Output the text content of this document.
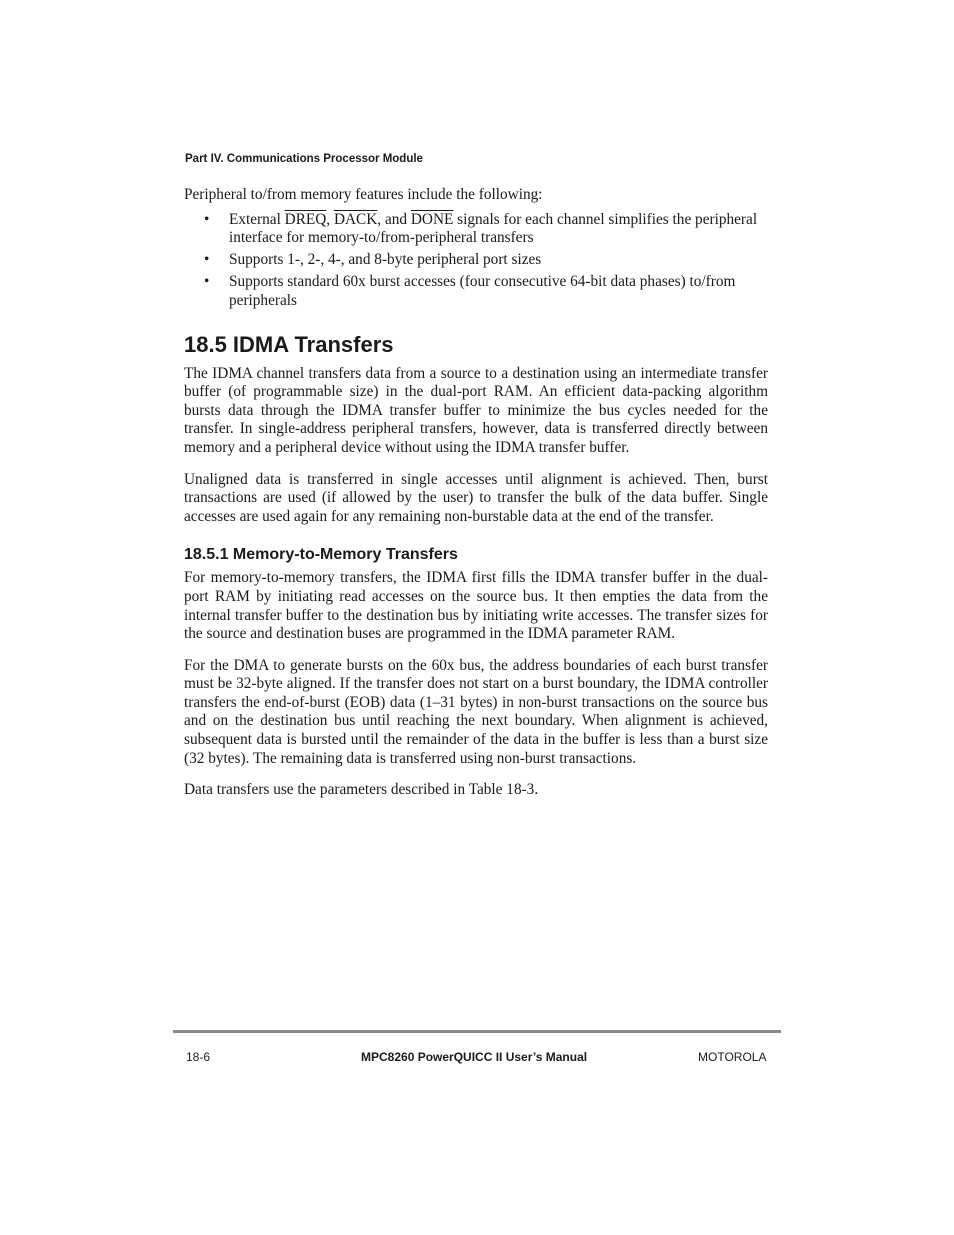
Part IV. Communications Processor Module

Peripheral to/from memory features include the following:

• External DREQ, DACK, and DONE signals for each channel simplifies the peripheral interface for memory-to/from-peripheral transfers
• Supports 1-, 2-, 4-, and 8-byte peripheral port sizes
• Supports standard 60x burst accesses (four consecutive 64-bit data phases) to/from peripherals
18.5 IDMA Transfers

The IDMA channel transfers data from a source to a destination using an intermediate transfer buffer (of programmable size) in the dual-port RAM. An efficient data-packing algorithm bursts data through the IDMA transfer buffer to minimize the bus cycles needed for the transfer. In single-address peripheral transfers, however, data is transferred directly between memory and a peripheral device without using the IDMA transfer buffer.

Unaligned data is transferred in single accesses until alignment is achieved. Then, burst transactions are used (if allowed by the user) to transfer the bulk of the data buffer. Single accesses are used again for any remaining non-burstable data at the end of the transfer.

18.5.1 Memory-to-Memory Transfers

For memory-to-memory transfers, the IDMA first fills the IDMA transfer buffer in the dual-port RAM by initiating read accesses on the source bus. It then empties the data from the internal transfer buffer to the destination bus by initiating write accesses. The transfer sizes for the source and destination buses are programmed in the IDMA parameter RAM.

For the DMA to generate bursts on the 60x bus, the address boundaries of each burst transfer must be 32-byte aligned. If the transfer does not start on a burst boundary, the IDMA controller transfers the end-of-burst (EOB) data (1–31 bytes) in non-burst transactions on the source bus and on the destination bus until reaching the next boundary. When alignment is achieved, subsequent data is bursted until the remainder of the data in the buffer is less than a burst size (32 bytes). The remaining data is transferred using non-burst transactions.

Data transfers use the parameters described in Table 18-3.

18-6	MPC8260 PowerQUICC II User’s Manual	MOTOROLA
